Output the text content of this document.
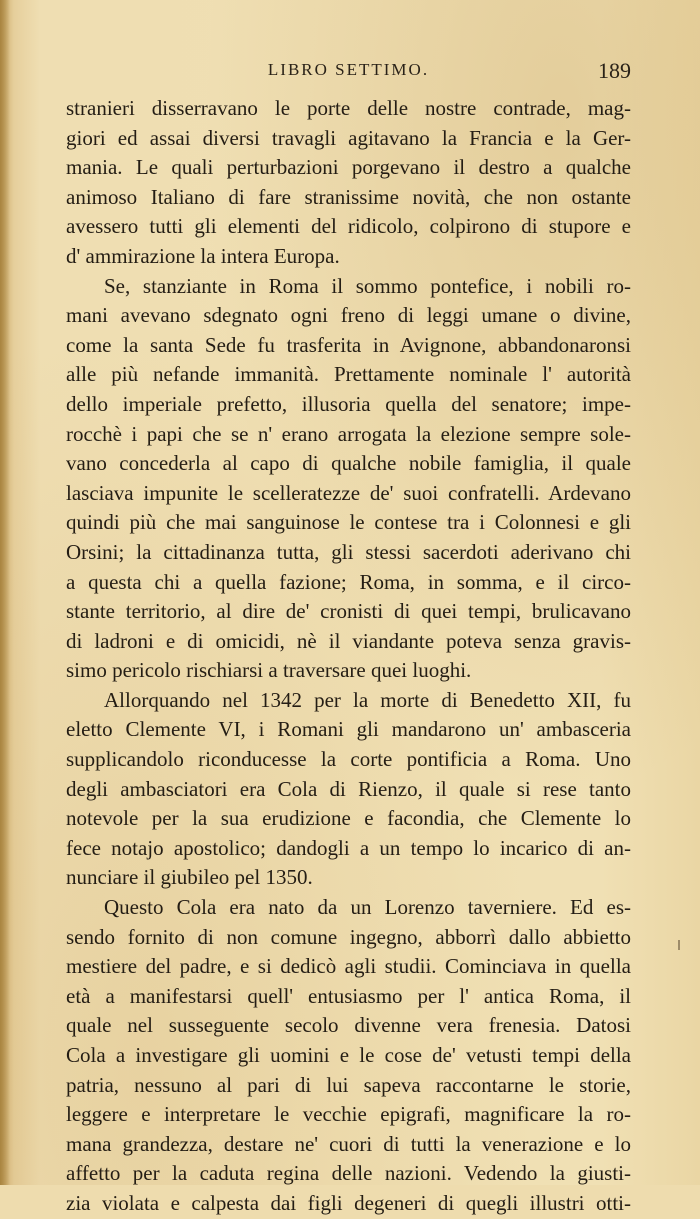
LIBRO SETTIMO.	189
stranieri disserravano le porte delle nostre contrade, mag-
giori ed assai diversi travagli agitavano la Francia e la Ger-
mania. Le quali perturbazioni porgevano il destro a qualche
animoso Italiano di fare stranissime novità, che non ostante
avessero tutti gli elementi del ridicolo, colpirono di stupore e
d' ammirazione la intera Europa.
Se, stanziante in Roma il sommo pontefice, i nobili ro-
mani avevano sdegnato ogni freno di leggi umane o divine,
come la santa Sede fu trasferita in Avignone, abbandonaronsi
alle più nefande immanità. Prettamente nominale l' autorità
dello imperiale prefetto, illusoria quella del senatore; impe-
rocchè i papi che se n' erano arrogata la elezione sempre sole-
vano concederla al capo di qualche nobile famiglia, il quale
lasciava impunite le scelleratezze de' suoi confratelli. Ardevano
quindi più che mai sanguinose le contese tra i Colonnesi e gli
Orsini; la cittadinanza tutta, gli stessi sacerdoti aderivano chi
a questa chi a quella fazione; Roma, in somma, e il circo-
stante territorio, al dire de' cronisti di quei tempi, brulicavano
di ladroni e di omicidi, nè il viandante poteva senza gravis-
simo pericolo rischiarsi a traversare quei luoghi.
Allorquando nel 1342 per la morte di Benedetto XII, fu
eletto Clemente VI, i Romani gli mandarono un' ambasceria
supplicandolo riconducesse la corte pontificia a Roma. Uno
degli ambasciatori era Cola di Rienzo, il quale si rese tanto
notevole per la sua erudizione e facondia, che Clemente lo
fece notajo apostolico; dandogli a un tempo lo incarico di an-
nunciare il giubileo pel 1350.
Questo Cola era nato da un Lorenzo taverniere. Ed es-
sendo fornito di non comune ingegno, abborrì dallo abbietto
mestiere del padre, e si dedicò agli studii. Cominciava in quella
età a manifestarsi quell' entusiasmo per l' antica Roma, il
quale nel susseguente secolo divenne vera frenesia. Datosi
Cola a investigare gli uomini e le cose de' vetusti tempi della
patria, nessuno al pari di lui sapeva raccontarne le storie,
leggere e interpretare le vecchie epigrafi, magnificare la ro-
mana grandezza, destare ne' cuori di tutti la venerazione e lo
affetto per la caduta regina delle nazioni. Vedendo la giusti-
zia violata e calpesta dai figli degeneri di quegli illustri otti-
